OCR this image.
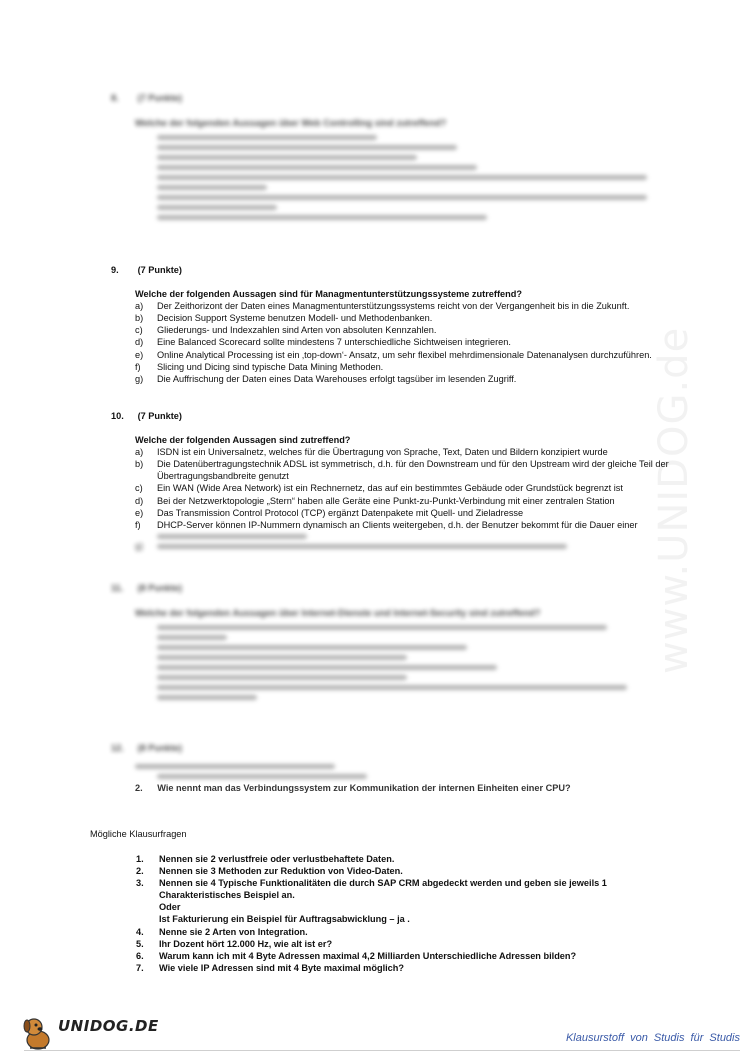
www.UNIDOG.de
8. (7 Punkte)
Welche der folgenden Aussagen über Web Controlling sind zutreffend?
9. (7 Punkte)
Welche der folgenden Aussagen sind für Managmentunterstützungssysteme zutreffend?
a) Der Zeithorizont der Daten eines Managmentunterstützungssystems reicht von der Vergangenheit bis in die Zukunft.
b) Decision Support Systeme benutzen Modell- und Methodenbanken.
c) Gliederungs- und Indexzahlen sind Arten von absoluten Kennzahlen.
d) Eine Balanced Scorecard sollte mindestens 7 unterschiedliche Sichtweisen integrieren.
e) Online Analytical Processing ist ein ‚top-down‘- Ansatz, um sehr flexibel mehrdimensionale Datenanalysen durchzuführen.
f) Slicing und Dicing sind typische Data Mining Methoden.
g) Die Auffrischung der Daten eines Data Warehouses erfolgt tagsüber im lesenden Zugriff.
10. (7 Punkte)
Welche der folgenden Aussagen sind zutreffend?
a) ISDN ist ein Universalnetz, welches für die Übertragung von Sprache, Text, Daten und Bildern konzipiert wurde
b) Die Datenübertragungstechnik ADSL ist symmetrisch, d.h. für den Downstream und für den Upstream wird der gleiche Teil der Übertragungsbandbreite genutzt
c) Ein WAN (Wide Area Network) ist ein Rechnernetz, das auf ein bestimmtes Gebäude oder Grundstück begrenzt ist
d) Bei der Netzwerktopologie „Stern“ haben alle Geräte eine Punkt-zu-Punkt-Verbindung mit einer zentralen Station
e) Das Transmission Control Protocol (TCP) ergänzt Datenpakete mit Quell- und Zieladresse
f) DHCP-Server können IP-Nummern dynamisch an Clients weitergeben, d.h. der Benutzer bekommt für die Dauer einer
g)
11. (8 Punkte)
Welche der folgenden Aussagen über Internet-Dienste und Internet-Security sind zutreffend?
12. (8 Punkte)
2. Wie nennt man das Verbindungssystem zur Kommunikation der internen Einheiten einer CPU?
Mögliche Klausurfragen
1. Nennen sie 2 verlustfreie oder verlustbehaftete Daten.
2. Nennen sie 3 Methoden zur Reduktion von Video-Daten.
3. Nennen sie 4 Typische Funktionalitäten die durch SAP CRM abgedeckt werden und geben sie jeweils 1 Charakteristisches Beispiel an.
Oder
Ist Fakturierung ein Beispiel für Auftragsabwicklung – ja .
4. Nenne sie 2 Arten von Integration.
5. Ihr Dozent hört 12.000 Hz, wie alt ist er?
6. Warum kann ich mit 4 Byte Adressen maximal 4,2 Milliarden Unterschiedliche Adressen bilden?
7. Wie viele IP Adressen sind mit 4 Byte maximal möglich?
UNIDOG.DE
Klausurstoff von Studis für Studis
